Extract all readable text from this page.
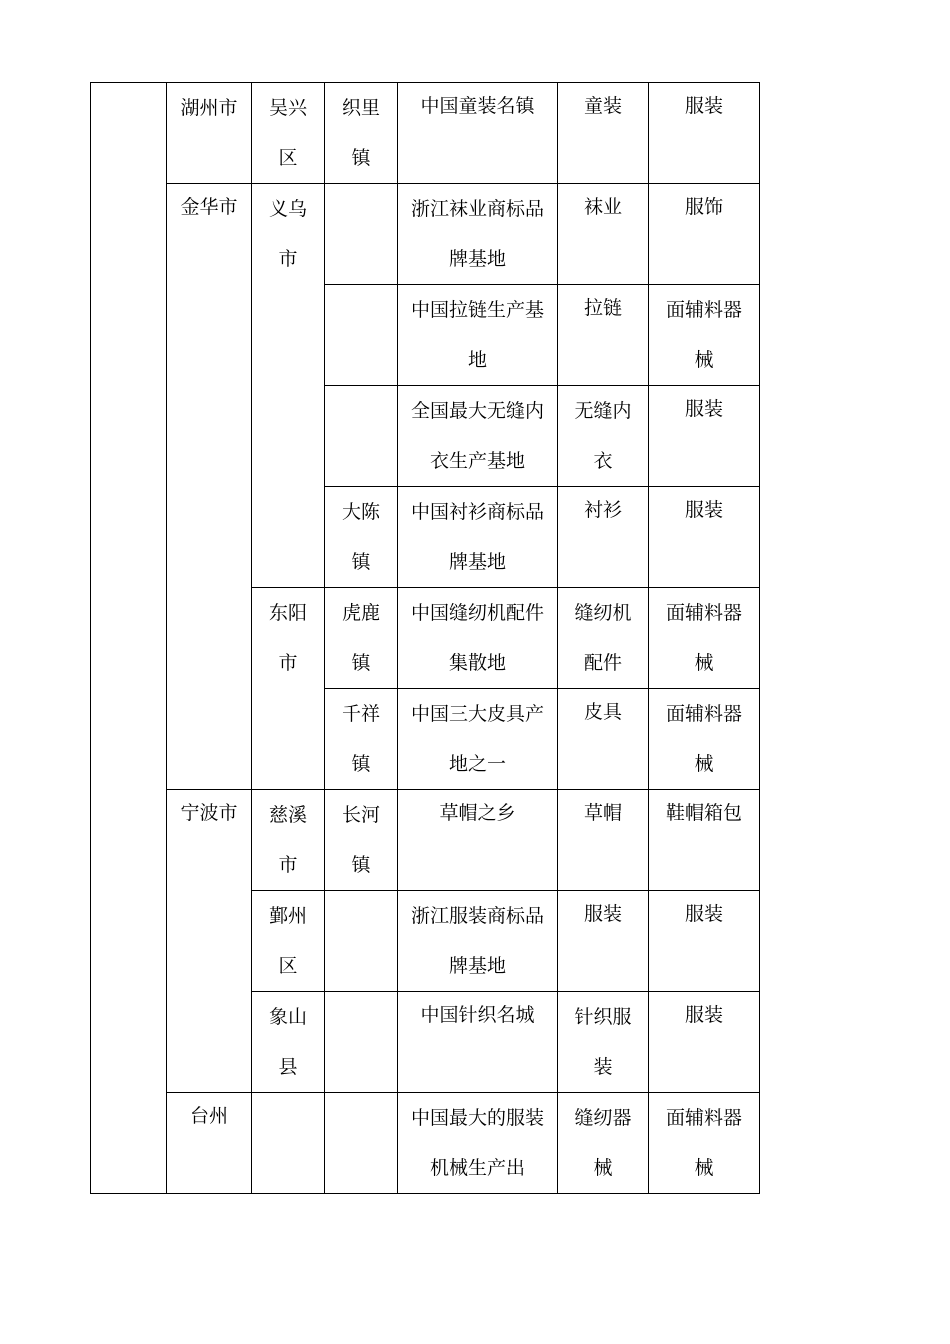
	湖州市	吴兴区	织里镇	中国童装名镇	童装	服装
	金华市	义乌市		浙江袜业商标品牌基地	袜业	服饰
				中国拉链生产基地	拉链	面辅料器械
				全国最大无缝内衣生产基地	无缝内衣	服装
			大陈镇	中国衬衫商标品牌基地	衬衫	服装
		东阳市	虎鹿镇	中国缝纫机配件集散地	缝纫机配件	面辅料器械
			千祥镇	中国三大皮具产地之一	皮具	面辅料器械
	宁波市	慈溪市	长河镇	草帽之乡	草帽	鞋帽箱包
		鄞州区		浙江服装商标品牌基地	服装	服装
		象山县		中国针织名城	针织服装	服装
	台州			中国最大的服装机械生产出	缝纫器械	面辅料器械
